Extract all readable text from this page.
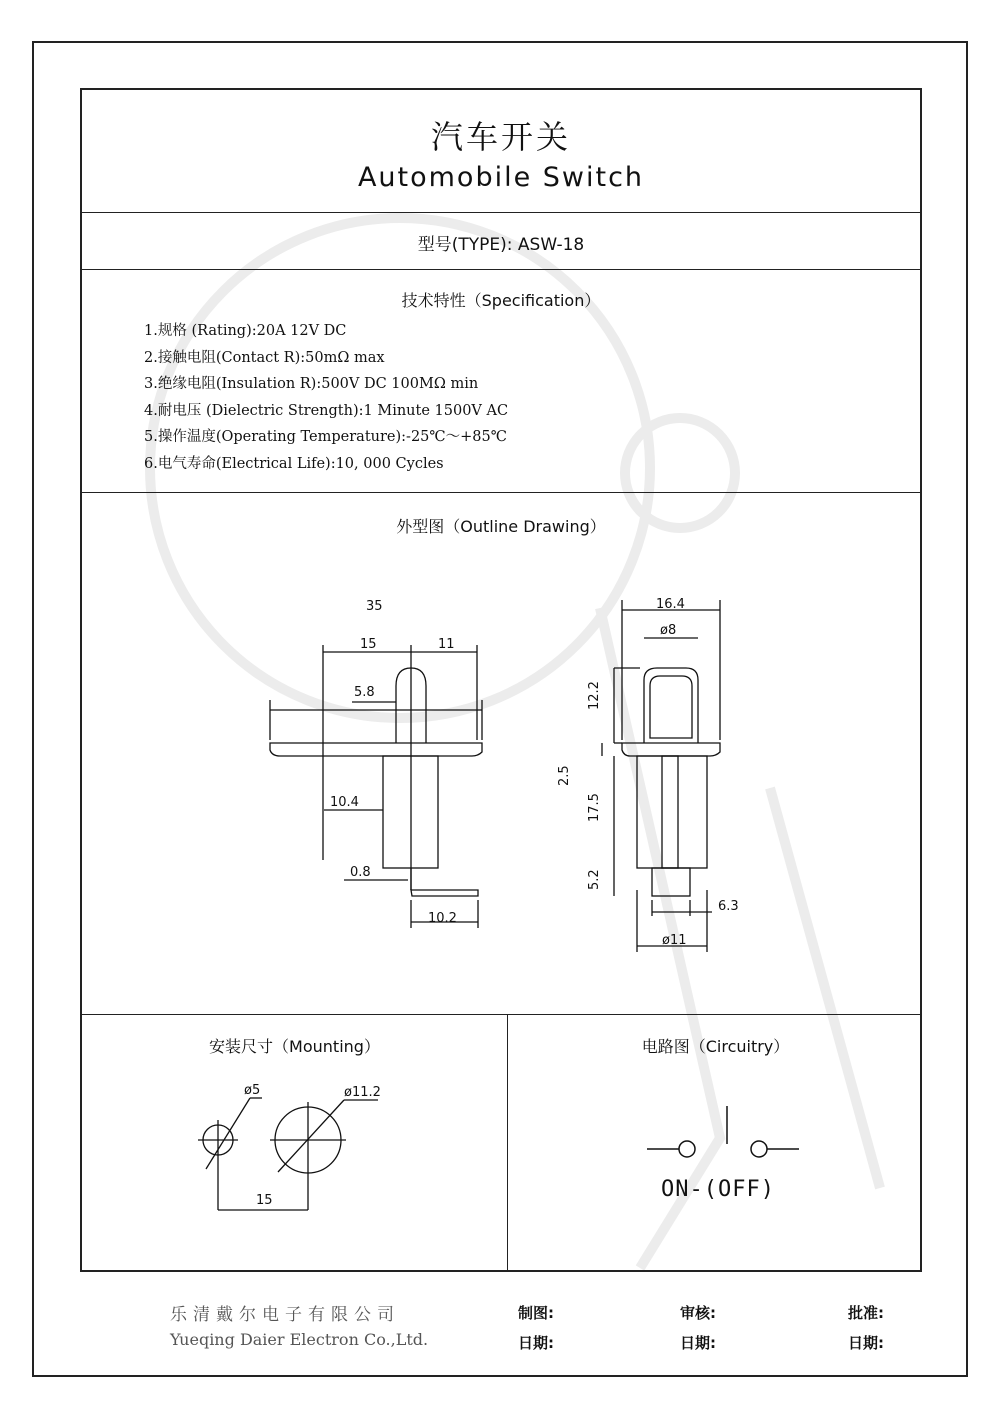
汽车开关
Automobile Switch
型号(TYPE): ASW-18
技术特性（Specification）
1.规格 (Rating):20A 12V DC
2.接触电阻(Contact R):50mΩ max
3.绝缘电阻(Insulation R):500V DC 100MΩ min
4.耐电压 (Dielectric Strength):1 Minute 1500V AC
5.操作温度(Operating Temperature):-25℃～+85℃
6.电气寿命(Electrical Life):10, 000 Cycles
外型图（Outline Drawing）
35
15	11
5.8
10.4
0.8
10.2
16.4
ø8
12.2
2.5
17.5
5.2
6.3
ø11
安装尺寸（Mounting）	电路图（Circuitry）
ø5	ø11.2
15	ON-(OFF)
乐清戴尔电子有限公司
Yueqing Daier Electron Co.,Ltd.
制图:	审核:	批准:
日期:	日期:	日期:
